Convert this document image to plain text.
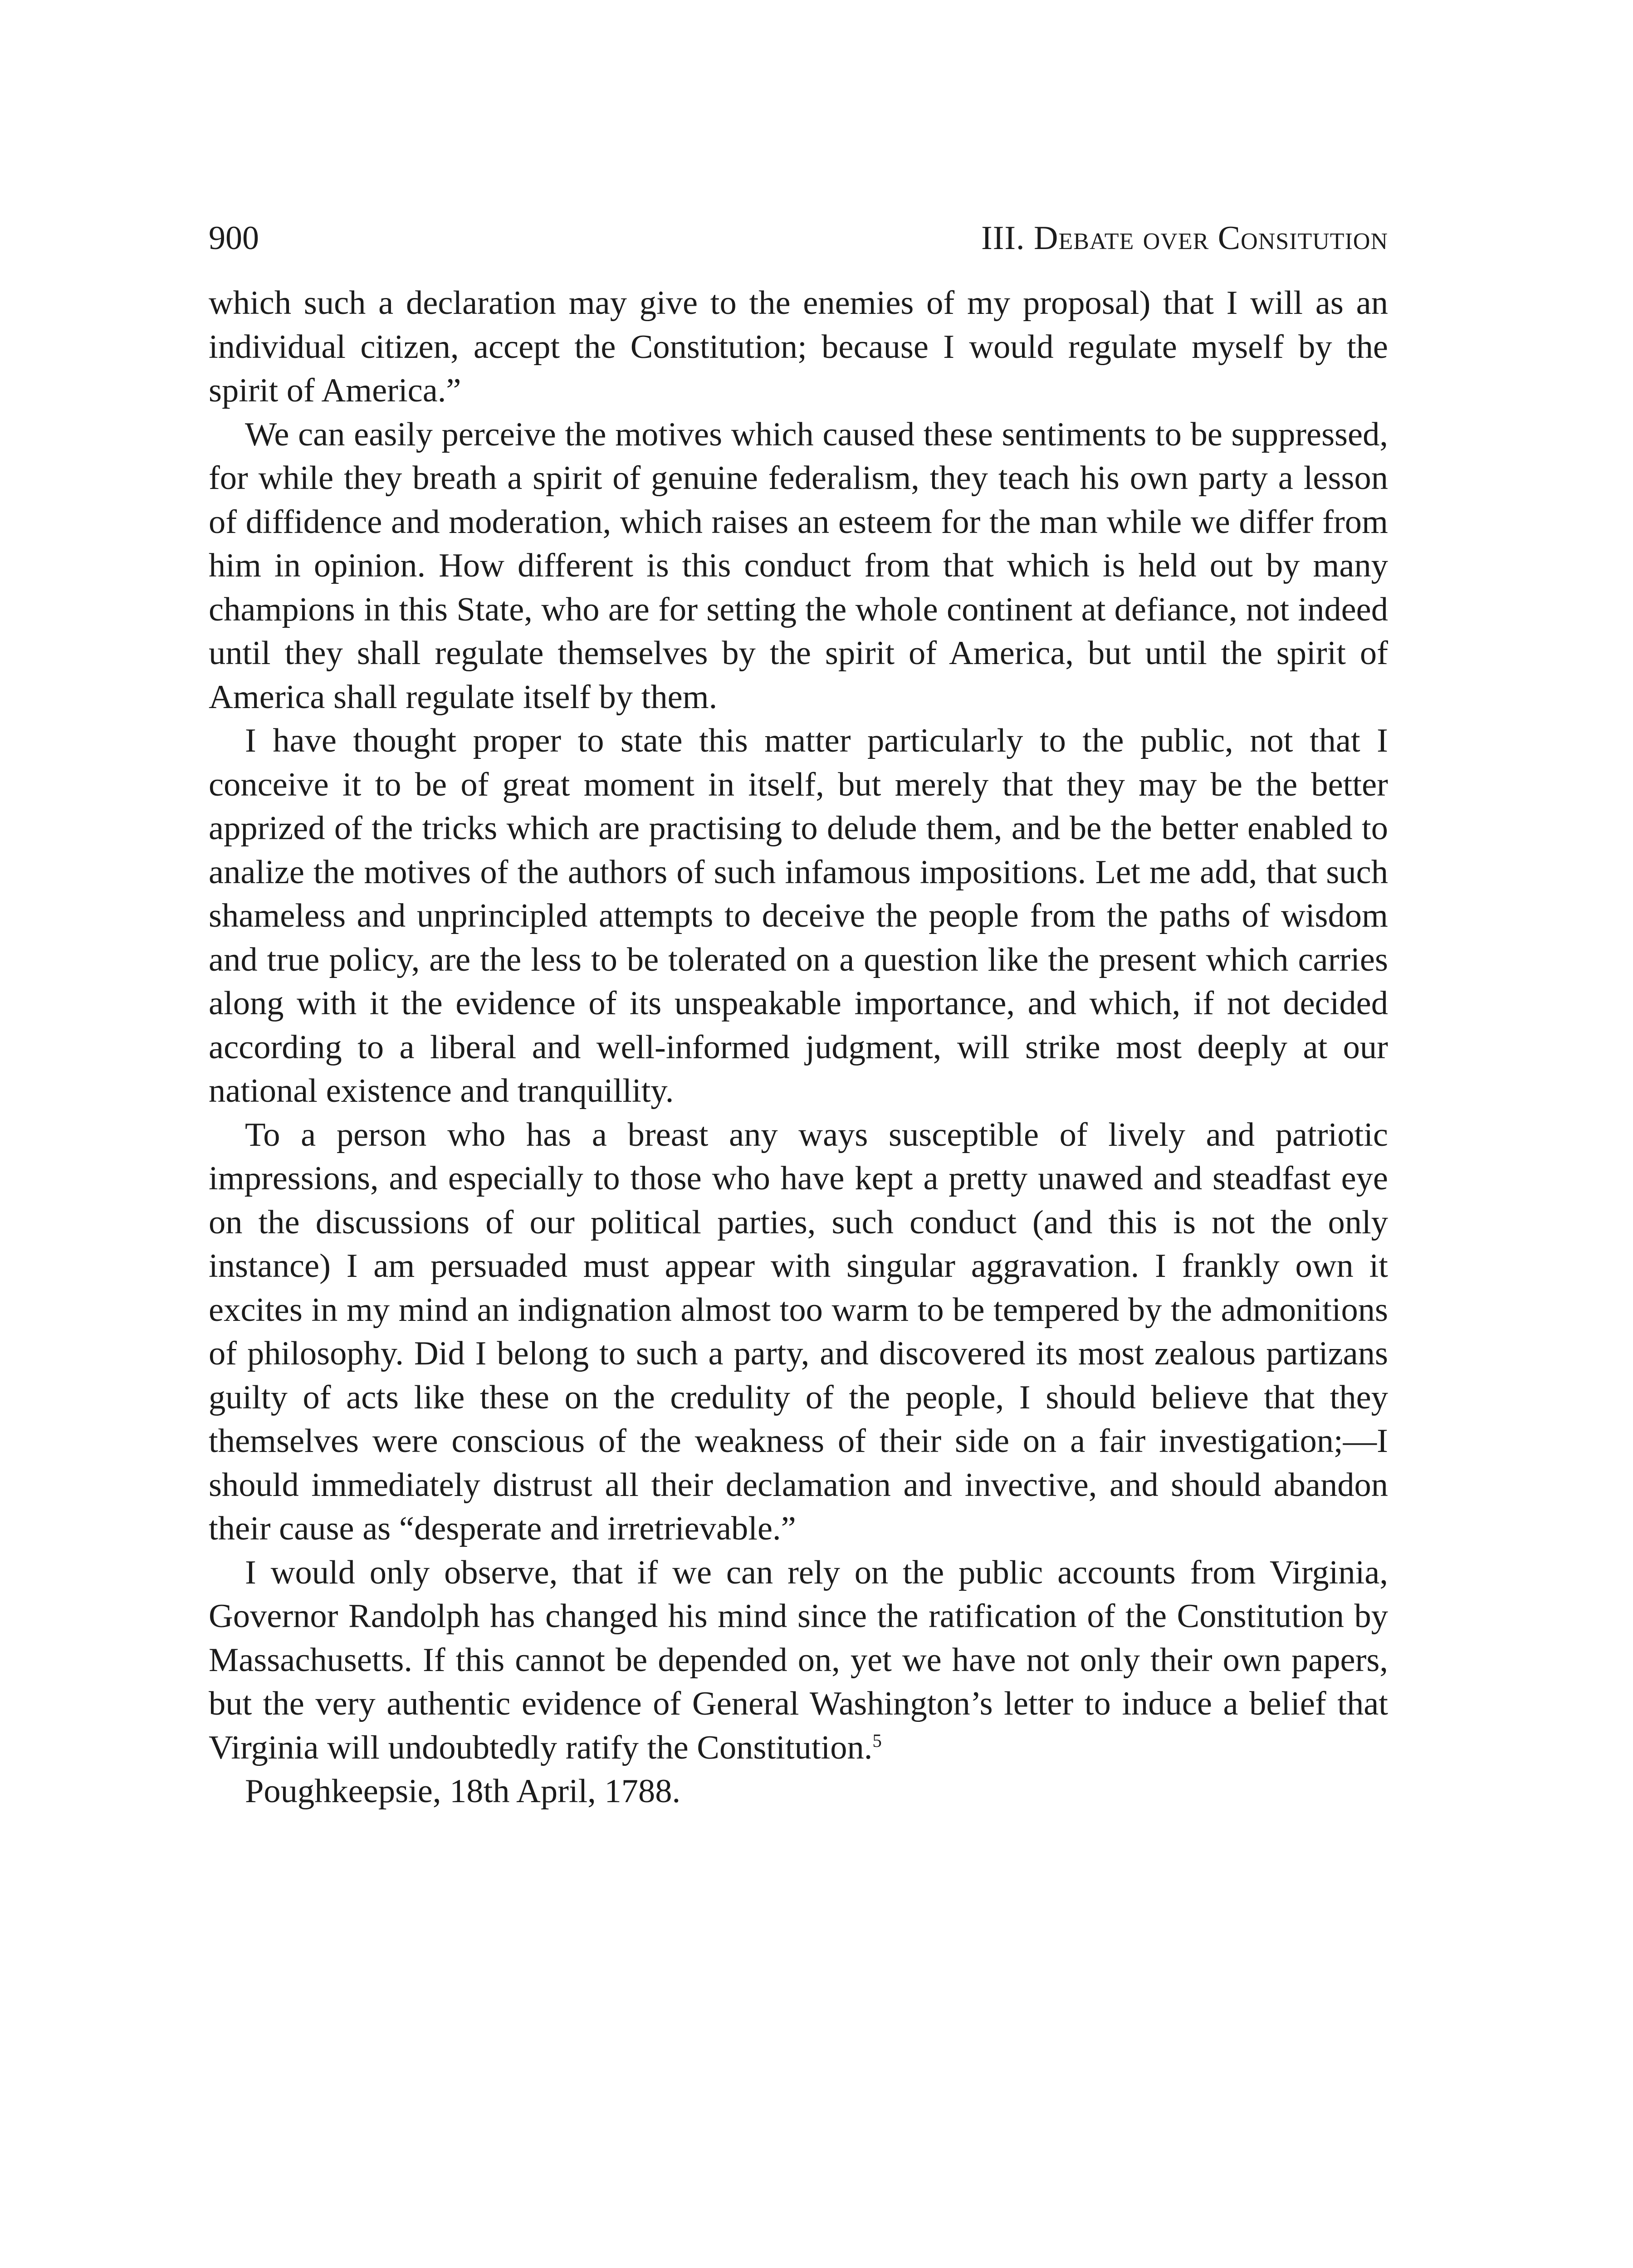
900	III. Debate over Consitution

which such a declaration may give to the enemies of my proposal) that I will as an individual citizen, accept the Constitution; because I would regulate myself by the spirit of America.”

We can easily perceive the motives which caused these sentiments to be suppressed, for while they breath a spirit of genuine federalism, they teach his own party a lesson of diffidence and moderation, which raises an esteem for the man while we differ from him in opinion. How different is this conduct from that which is held out by many champions in this State, who are for setting the whole continent at defiance, not indeed until they shall regulate themselves by the spirit of America, but until the spirit of America shall regulate itself by them.

I have thought proper to state this matter particularly to the public, not that I conceive it to be of great moment in itself, but merely that they may be the better apprized of the tricks which are practising to delude them, and be the better enabled to analize the motives of the authors of such infamous impositions. Let me add, that such shameless and unprincipled attempts to deceive the people from the paths of wisdom and true policy, are the less to be tolerated on a question like the present which carries along with it the evidence of its unspeakable importance, and which, if not decided according to a liberal and well-informed judgment, will strike most deeply at our national existence and tranquillity.

To a person who has a breast any ways susceptible of lively and patriotic impressions, and especially to those who have kept a pretty unawed and steadfast eye on the discussions of our political parties, such conduct (and this is not the only instance) I am persuaded must appear with singular aggravation. I frankly own it excites in my mind an indignation almost too warm to be tempered by the admonitions of philosophy. Did I belong to such a party, and discovered its most zealous partizans guilty of acts like these on the credulity of the people, I should believe that they themselves were conscious of the weakness of their side on a fair investigation;—I should immediately distrust all their declamation and invective, and should abandon their cause as “desperate and irretrievable.”

I would only observe, that if we can rely on the public accounts from Virginia, Governor Randolph has changed his mind since the ratification of the Constitution by Massachusetts. If this cannot be depended on, yet we have not only their own papers, but the very authentic evidence of General Washington’s letter to induce a belief that Virginia will undoubtedly ratify the Constitution.$^5$

Poughkeepsie, 18th April, 1788.
